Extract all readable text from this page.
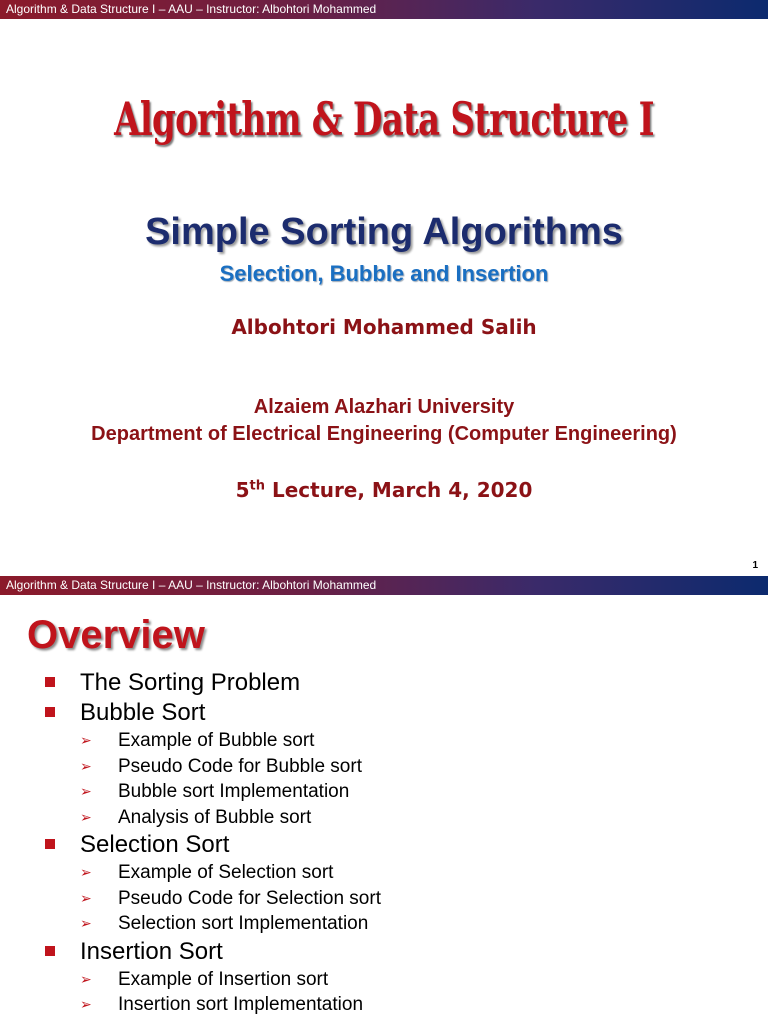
Algorithm & Data Structure I – AAU – Instructor: Albohtori Mohammed
Algorithm & Data Structure I
Simple Sorting Algorithms
Selection, Bubble and Insertion
Albohtori Mohammed Salih
Alzaiem Alazhari University
Department of Electrical Engineering (Computer Engineering)
5th Lecture, March 4, 2020
1
Algorithm & Data Structure I – AAU – Instructor: Albohtori Mohammed
Overview
The Sorting Problem
Bubble Sort
➢ Example of Bubble sort
➢ Pseudo Code for Bubble sort
➢ Bubble sort Implementation
➢ Analysis of Bubble sort
Selection Sort
➢ Example of Selection sort
➢ Pseudo Code for Selection sort
➢ Selection sort Implementation
Insertion Sort
➢ Example of Insertion sort
➢ Insertion sort Implementation
